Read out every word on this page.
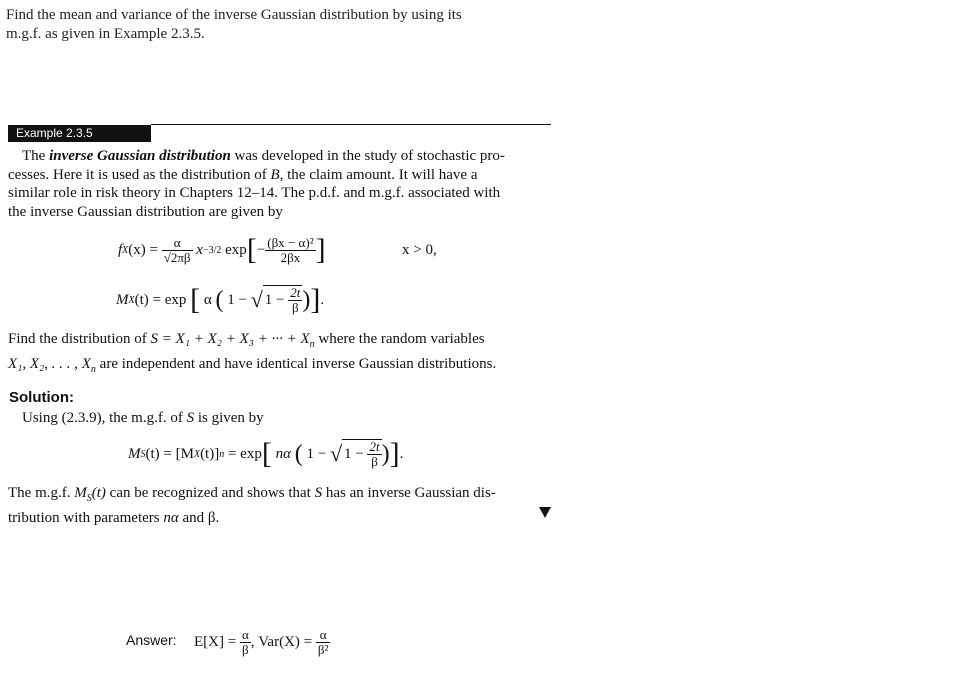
Find the mean and variance of the inverse Gaussian distribution by using its
m.g.f. as given in Example 2.3.5.
Example 2.3.5
The inverse Gaussian distribution was developed in the study of stochastic pro-
cesses. Here it is used as the distribution of B, the claim amount. It will have a
similar role in risk theory in Chapters 12–14. The p.d.f. and m.g.f. associated with
the inverse Gaussian distribution are given by
f X (x) =
$\frac{\alpha}{√2\pi\beta}$
x −3/2
exp [ − $\frac{\text{(βx − α)²}}{2\beta x}$ ]	x > 0,
M X (t) = exp
[
α
(
1 −
√ 1 −
$\frac{2t}{\beta}$ ) ] .
Find the distribution of S = X₁ + X₂ + X₃ + ··· + $X_n$ where the random variables
X₁, X₂, . . . , $X_n$ are independent and have identical inverse Gaussian distributions.
Solution:
Using (2.3.9), the m.g.f. of S is given by
M S (t) = [M X (t)] n
= exp [
nα
(
1 −
√ 1 −
$\frac{2t}{\beta}$ ) ] .
The m.g.f. $M_S(t)$ can be recognized and shows that S has an inverse Gaussian dis-
tribution with parameters nα and β.
Answer: E[X] =
$\frac{\alpha}{\beta}$ ,
Var(X) =
$\frac{\alpha}{\text{β²}}$
